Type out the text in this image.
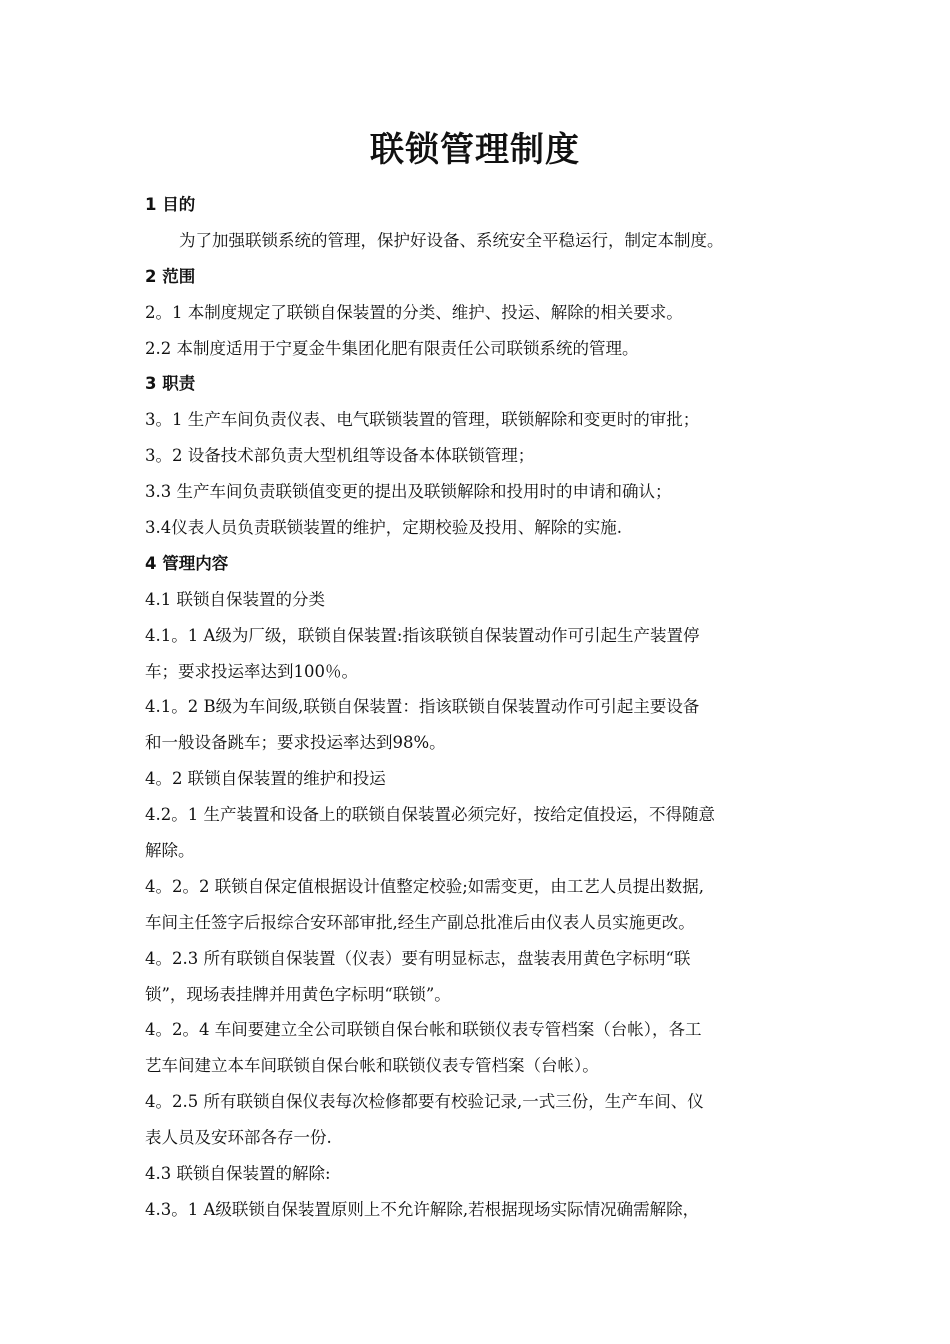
联锁管理制度
1 目的
为了加强联锁系统的管理，保护好设备、系统安全平稳运行，制定本制度。
2 范围
2。1 本制度规定了联锁自保装置的分类、维护、投运、解除的相关要求。
2.2 本制度适用于宁夏金牛集团化肥有限责任公司联锁系统的管理。
3 职责
3。1 生产车间负责仪表、电气联锁装置的管理，联锁解除和变更时的审批；
3。2 设备技术部负责大型机组等设备本体联锁管理；
3.3 生产车间负责联锁值变更的提出及联锁解除和投用时的申请和确认；
3.4仪表人员负责联锁装置的维护，定期校验及投用、解除的实施.
4 管理内容
4.1 联锁自保装置的分类
4.1。1 A级为厂级，联锁自保装置:指该联锁自保装置动作可引起生产装置停
车；要求投运率达到100％。
4.1。2 B级为车间级,联锁自保装置：指该联锁自保装置动作可引起主要设备
和一般设备跳车；要求投运率达到98%。
4。2 联锁自保装置的维护和投运
4.2。1 生产装置和设备上的联锁自保装置必须完好，按给定值投运，不得随意
解除。
4。2。2 联锁自保定值根据设计值整定校验;如需变更，由工艺人员提出数据,
车间主任签字后报综合安环部审批,经生产副总批准后由仪表人员实施更改。
4。2.3 所有联锁自保装置（仪表）要有明显标志，盘装表用黄色字标明“联
锁”，现场表挂牌并用黄色字标明“联锁”。
4。2。4 车间要建立全公司联锁自保台帐和联锁仪表专管档案（台帐），各工
艺车间建立本车间联锁自保台帐和联锁仪表专管档案（台帐）。
4。2.5 所有联锁自保仪表每次检修都要有校验记录,一式三份，生产车间、仪
表人员及安环部各存一份.
4.3 联锁自保装置的解除:
4.3。1 A级联锁自保装置原则上不允许解除,若根据现场实际情况确需解除，
